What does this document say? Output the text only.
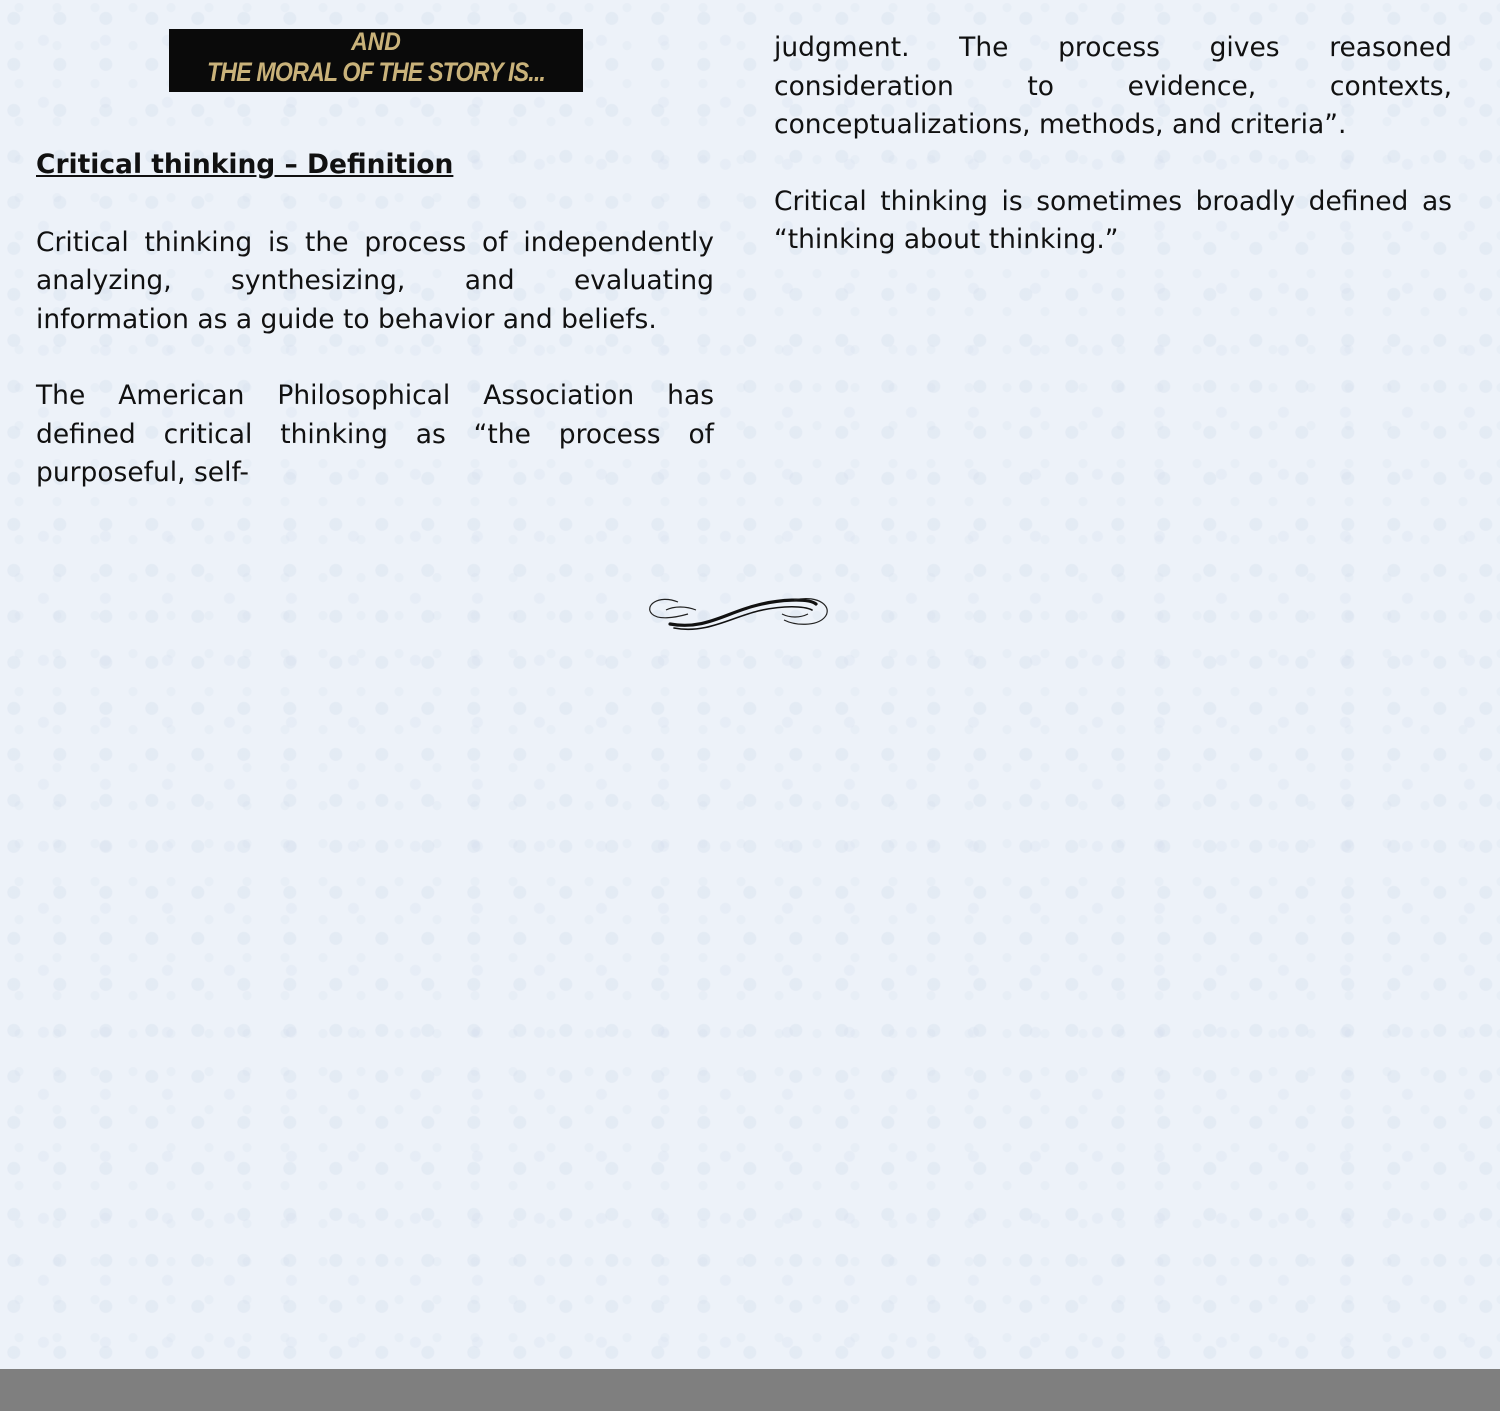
AND
THE MORAL OF THE STORY IS...
Critical thinking – Definition

Critical thinking is the process of independently analyzing, synthesizing, and evaluating information as a guide to behavior and beliefs.

The American Philosophical Association has defined critical thinking as “the process of purposeful, self-

judgment. The process gives reasoned consideration to evidence, contexts, conceptualizations, methods, and criteria”.

Critical thinking is sometimes broadly defined as “thinking about thinking.”
